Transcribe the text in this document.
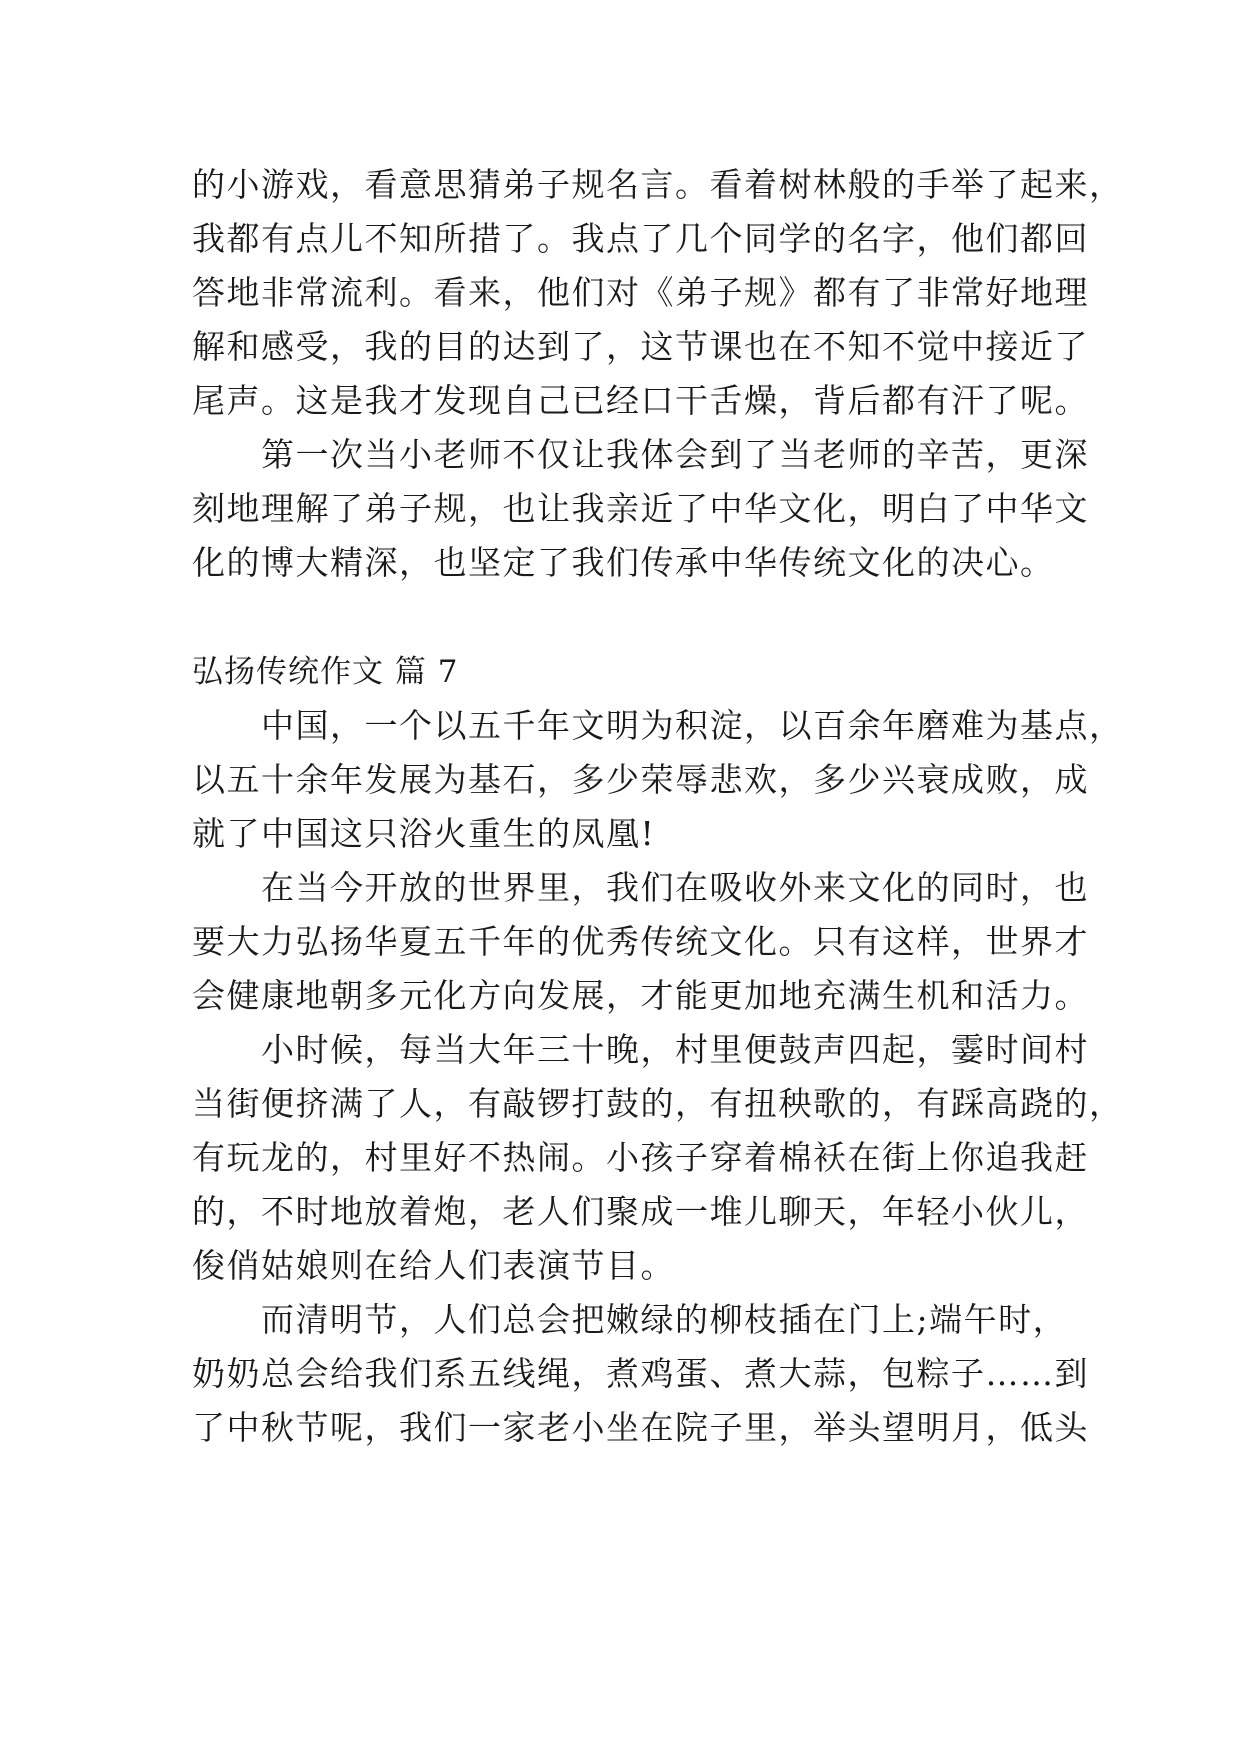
的小游戏，看意思猜弟子规名言。看着树林般的手举了起来，
我都有点儿不知所措了。我点了几个同学的名字，他们都回
答地非常流利。看来，他们对《弟子规》都有了非常好地理
解和感受，我的目的达到了，这节课也在不知不觉中接近了
尾声。这是我才发现自己已经口干舌燥，背后都有汗了呢。
　　第一次当小老师不仅让我体会到了当老师的辛苦，更深
刻地理解了弟子规，也让我亲近了中华文化，明白了中华文
化的博大精深，也坚定了我们传承中华传统文化的决心。
弘扬传统作文 篇 7
　　中国，一个以五千年文明为积淀，以百余年磨难为基点，
以五十余年发展为基石，多少荣辱悲欢，多少兴衰成败，成
就了中国这只浴火重生的凤凰!
　　在当今开放的世界里，我们在吸收外来文化的同时，也
要大力弘扬华夏五千年的优秀传统文化。只有这样，世界才
会健康地朝多元化方向发展，才能更加地充满生机和活力。
　　小时候，每当大年三十晚，村里便鼓声四起，霎时间村
当街便挤满了人，有敲锣打鼓的，有扭秧歌的，有踩高跷的，
有玩龙的，村里好不热闹。小孩子穿着棉袄在街上你追我赶
的，不时地放着炮，老人们聚成一堆儿聊天，年轻小伙儿，
俊俏姑娘则在给人们表演节目。
　　而清明节，人们总会把嫩绿的柳枝插在门上;端午时，
奶奶总会给我们系五线绳，煮鸡蛋、煮大蒜，包粽子……到
了中秋节呢，我们一家老小坐在院子里，举头望明月，低头
